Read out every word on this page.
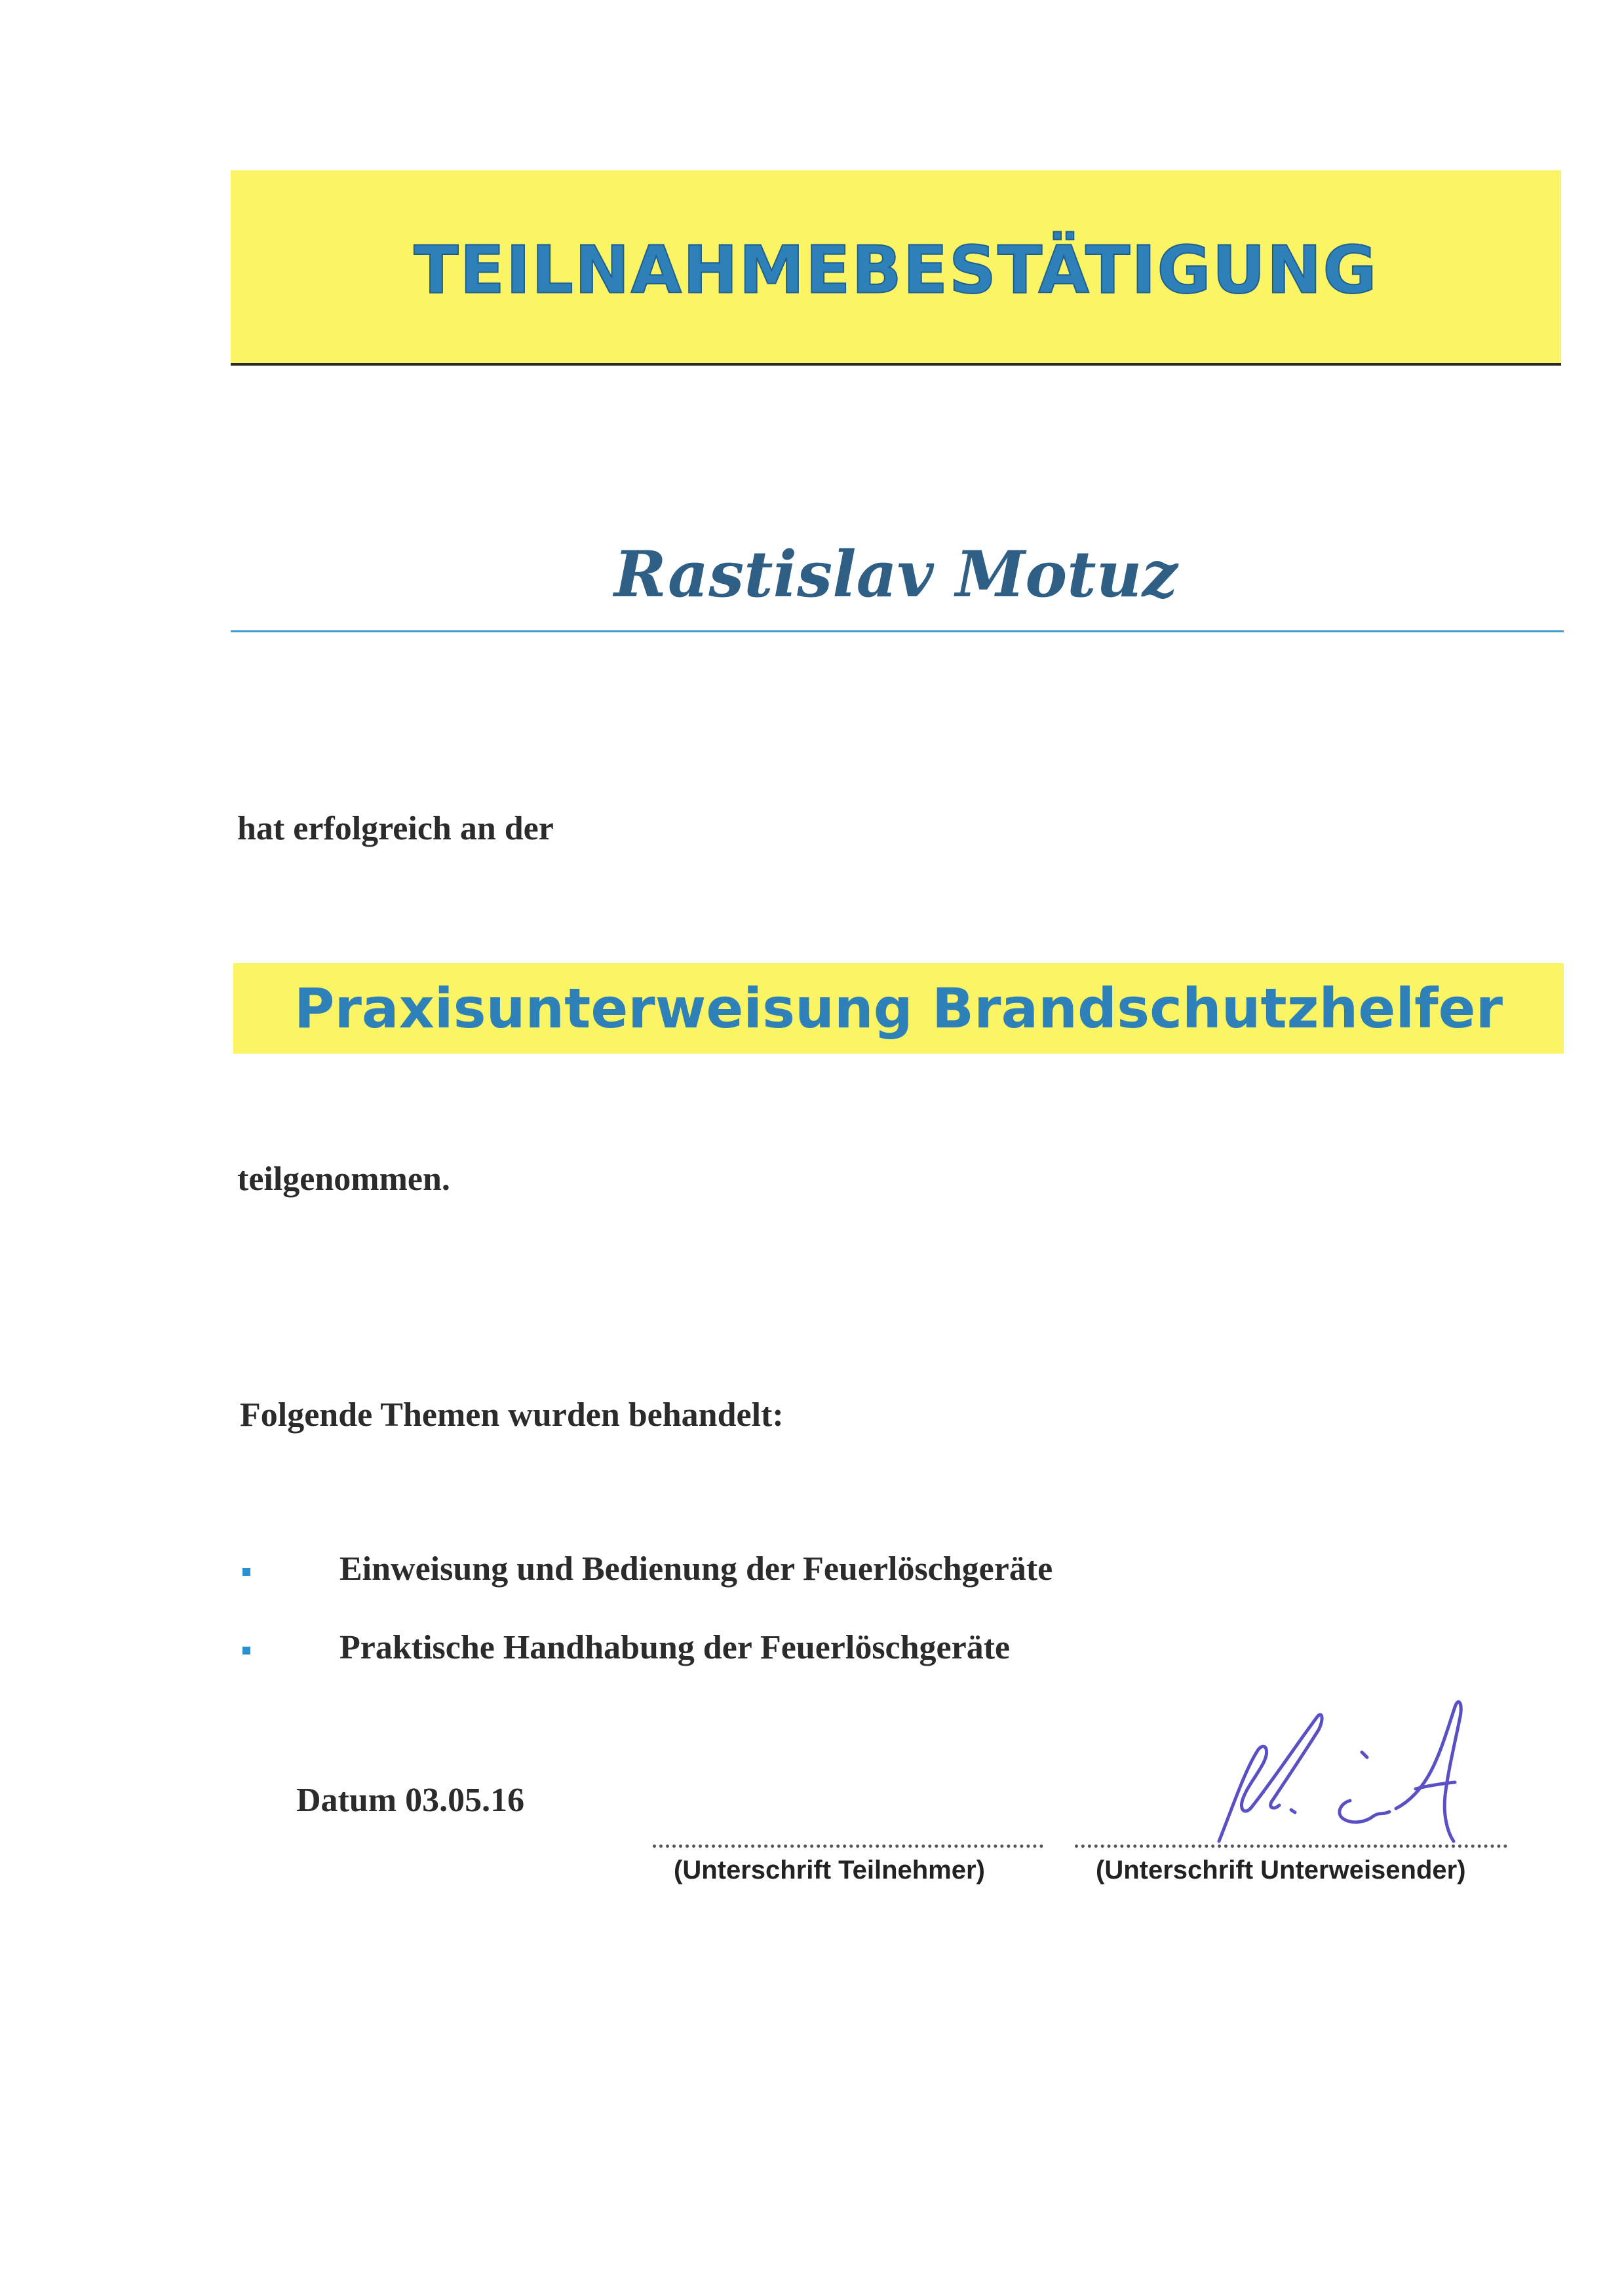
TEILNAHMEBESTÄTIGUNG
Rastislav Motuz
hat erfolgreich an der
Praxisunterweisung Brandschutzhelfer
teilgenommen.
Folgende Themen wurden behandelt:
Einweisung und Bedienung der Feuerlöschgeräte
Praktische Handhabung der Feuerlöschgeräte
Datum 03.05.16
(Unterschrift Teilnehmer)	(Unterschrift Unterweisender)
